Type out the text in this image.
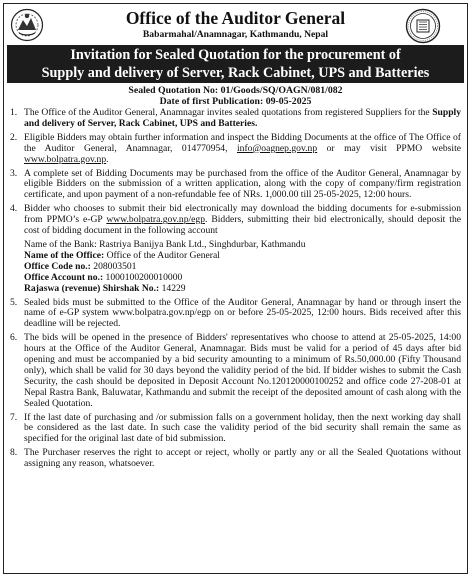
Office of the Auditor General
Babarmahal/Anamnagar, Kathmandu, Nepal
Invitation for Sealed Quotation for the procurement of
Supply and delivery of Server, Rack Cabinet, UPS and Batteries
Sealed Quotation No: 01/Goods/SQ/OAGN/081/082
Date of first Publication: 09-05-2025
1. The Office of the Auditor General, Anamnagar invites sealed quotations from registered Suppliers for the Supply and delivery of Server, Rack Cabinet, UPS and Batteries.
2. Eligible Bidders may obtain further information and inspect the Bidding Documents at the office of The Office of the Auditor General, Anamnagar, 014770954, info@oagnep.gov.np or may visit PPMO website www.bolpatra.gov.np.
3. A complete set of Bidding Documents may be purchased from the office of the Auditor General, Anamnagar by eligible Bidders on the submission of a written application, along with the copy of company/firm registration certificate, and upon payment of a non-refundable fee of NRs. 1,000.00 till 25-05-2025, 12:00 hours.
4. Bidder who chooses to submit their bid electronically may download the bidding documents for e-submission from PPMO’s e-GP www.bolpatra.gov.np/egp. Bidders, submitting their bid electronically, should deposit the cost of bidding document in the following account
Name of the Bank: Rastriya Banijya Bank Ltd., Singhdurbar, Kathmandu
Name of the Office: Office of the Auditor General
Office Code no.: 208003501
Office Account no.: 1000100200010000
Rajaswa (revenue) Shirshak No.: 14229
5. Sealed bids must be submitted to the Office of the Auditor General, Anamnagar by hand or through insert the name of e-GP system www.bolpatra.gov.np/egp on or before 25-05-2025, 12:00 hours. Bids received after this deadline will be rejected.
6. The bids will be opened in the presence of Bidders' representatives who choose to attend at 25-05-2025, 14:00 hours at the Office of the Auditor General, Anamnagar. Bids must be valid for a period of 45 days after bid opening and must be accompanied by a bid security amounting to a minimum of Rs.50,000.00 (Fifty Thousand only), which shall be valid for 30 days beyond the validity period of the bid. If bidder wishes to submit the Cash Security, the cash should be deposited in Deposit Account No.120120000100252 and office code 27-208-01 at Nepal Rastra Bank, Baluwatar, Kathmandu and submit the receipt of the deposited amount of cash along with the Sealed Quotation.
7. If the last date of purchasing and /or submission falls on a government holiday, then the next working day shall be considered as the last date. In such case the validity period of the bid security shall remain the same as specified for the original last date of bid submission.
8. The Purchaser reserves the right to accept or reject, wholly or partly any or all the Sealed Quotations without assigning any reason, whatsoever.
